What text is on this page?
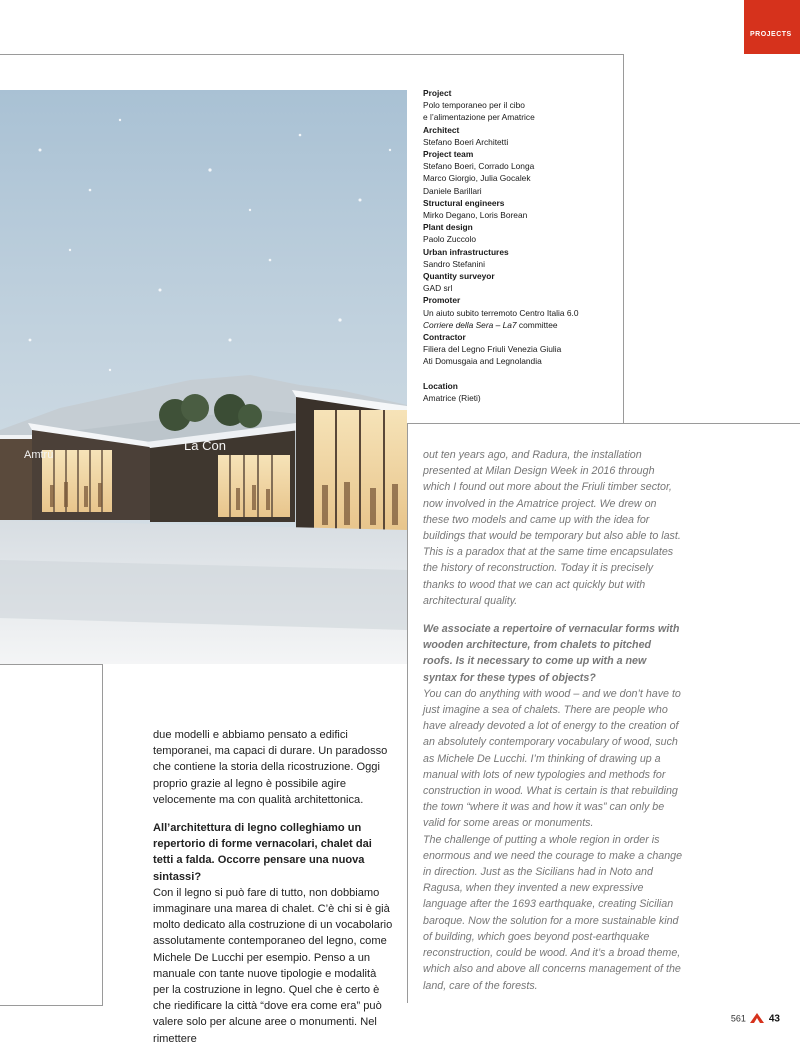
PROJECTS
Amtrù
La Con
Project
Polo temporaneo per il cibo
e l’alimentazione per Amatrice
Architect
Stefano Boeri Architetti
Project team
Stefano Boeri, Corrado Longa
Marco Giorgio, Julia Gocalek
Daniele Barillari
Structural engineers
Mirko Degano, Loris Borean
Plant design
Paolo Zuccolo
Urban infrastructures
Sandro Stefanini
Quantity surveyor
GAD srl
Promoter
Un aiuto subito terremoto Centro Italia 6.0
Corriere della Sera – La7 committee
Contractor
Filiera del Legno Friuli Venezia Giulia
Ati Domusgaia and Legnolandia
Location
Amatrice (Rieti)

due modelli e abbiamo pensato a edifici temporanei, ma capaci di durare. Un paradosso che contiene la storia della ricostruzione. Oggi proprio grazie al legno è possibile agire velocemente ma con qualità architettonica.

All’architettura di legno colleghiamo un repertorio di forme vernacolari, chalet dai tetti a falda. Occorre pensare una nuova sintassi?

Con il legno si può fare di tutto, non dobbiamo immaginare una marea di chalet. C’è chi si è già molto dedicato alla costruzione di un vocabolario assolutamente contemporaneo del legno, come Michele De Lucchi per esempio. Penso a un manuale con tante nuove tipologie e modalità per la costruzione in legno. Quel che è certo è che riedificare la città “dove era come era” può valere solo per alcune aree o monumenti. Nel rimettere

out ten years ago, and Radura, the installation presented at Milan Design Week in 2016 through which I found out more about the Friuli timber sector, now involved in the Amatrice project. We drew on these two models and came up with the idea for buildings that would be temporary but also able to last. This is a paradox that at the same time encapsulates the history of reconstruction. Today it is precisely thanks to wood that we can act quickly but with architectural quality.

We associate a repertoire of vernacular forms with wooden architecture, from chalets to pitched roofs. Is it necessary to come up with a new syntax for these types of objects?

You can do anything with wood – and we don’t have to just imagine a sea of chalets. There are people who have already devoted a lot of energy to the creation of an absolutely contemporary vocabulary of wood, such as Michele De Lucchi. I’m thinking of drawing up a manual with lots of new typologies and methods for construction in wood. What is certain is that rebuilding the town “where it was and how it was” can only be valid for some areas or monuments.

The challenge of putting a whole region in order is enormous and we need the courage to make a change in direction. Just as the Sicilians had in Noto and Ragusa, when they invented a new expressive language after the 1693 earthquake, creating Sicilian baroque. Now the solution for a more sustainable kind of building, which goes beyond post-earthquake reconstruction, could be wood. And it’s a broad theme, which also and above all concerns management of the land, care of the forests.

561 43
